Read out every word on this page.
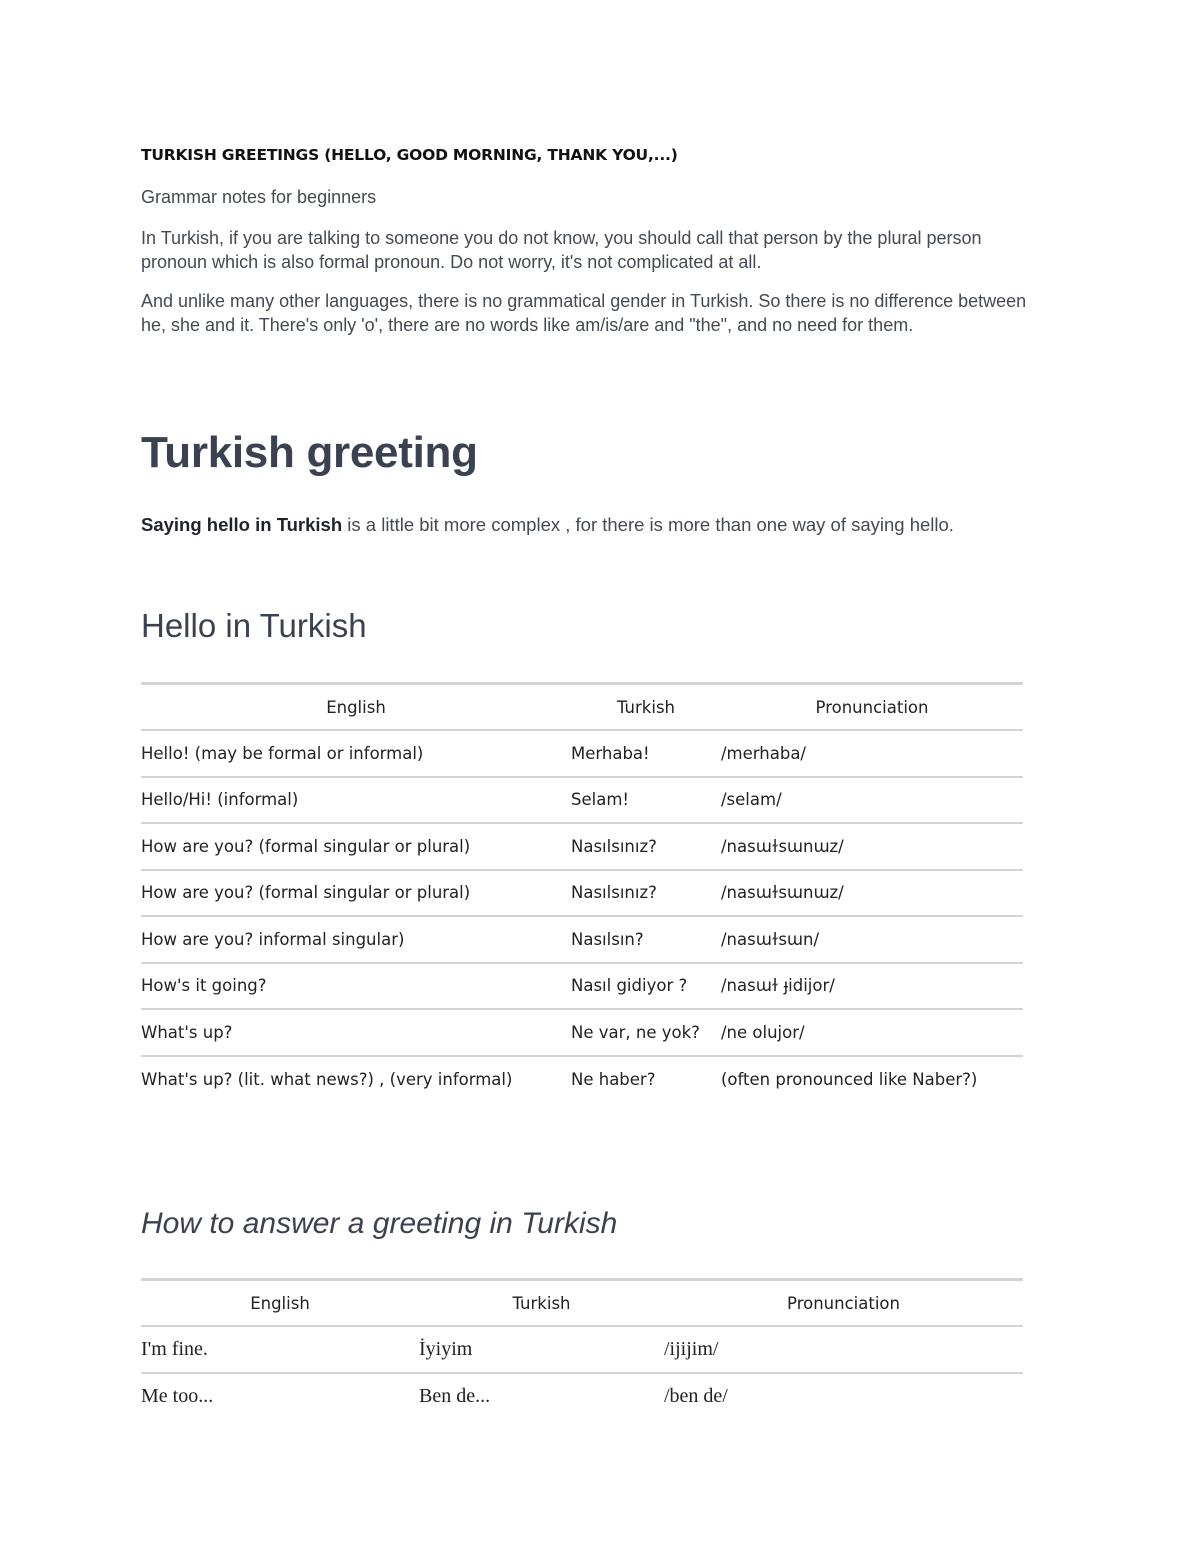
TURKISH GREETINGS (HELLO, GOOD MORNING, THANK YOU,...)
Grammar notes for beginners
In Turkish, if you are talking to someone you do not know, you should call that person by the plural person pronoun which is also formal pronoun. Do not worry, it's not complicated at all.
And unlike many other languages, there is no grammatical gender in Turkish. So there is no difference between he, she and it. There's only 'o', there are no words like am/is/are and "the", and no need for them.
Turkish greeting
Saying hello in Turkish is a little bit more complex , for there is more than one way of saying hello.
Hello in Turkish
English	Turkish	Pronunciation
Hello! (may be formal or informal)	Merhaba!	/merhaba/
Hello/Hi! (informal)	Selam!	/selam/
How are you? (formal singular or plural)	Nasılsınız?	/nasɯɫsɯnɯz/
How are you? (formal singular or plural)	Nasılsınız?	/nasɯɫsɯnɯz/
How are you? informal singular)	Nasılsın?	/nasɯɫsɯn/
How's it going?	Nasıl gidiyor ?	/nasɯɫ ɟidijor/
What's up?	Ne var, ne yok?	/ne olujor/
What's up? (lit. what news?) , (very informal)	Ne haber?	(often pronounced like Naber?)
How to answer a greeting in Turkish
English	Turkish	Pronunciation
I'm fine.	İyiyim	/ijijim/
Me too...	Ben de...	/ben de/
